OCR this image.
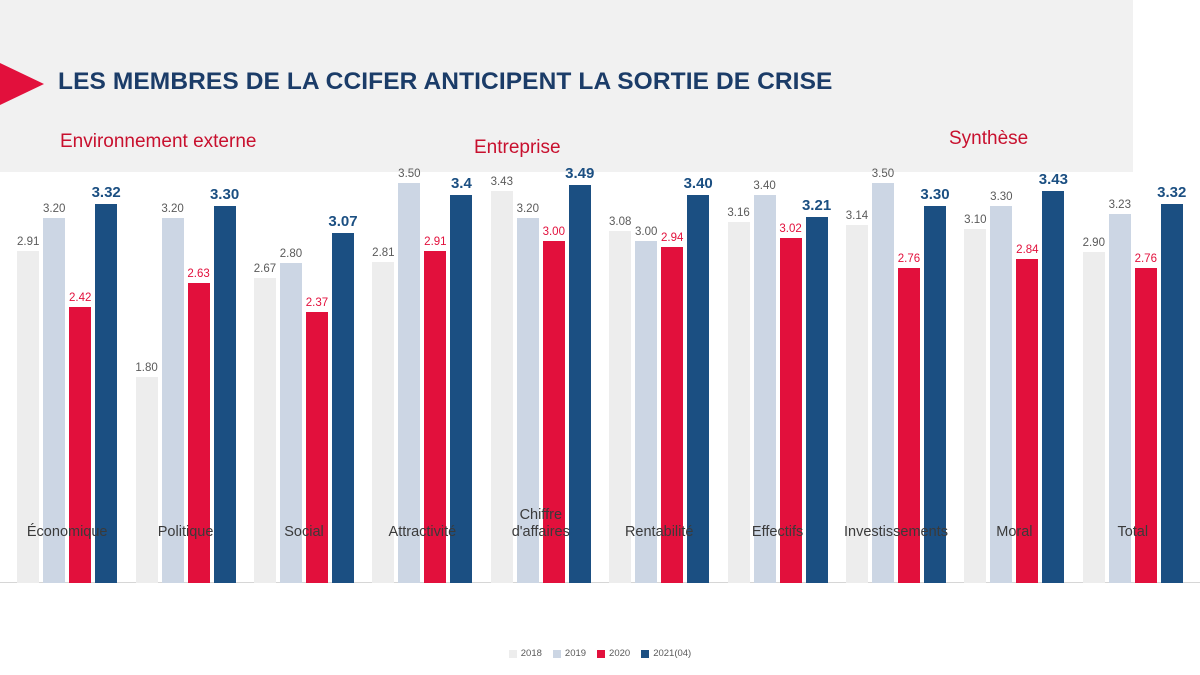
LES MEMBRES DE LA CCIFER ANTICIPENT LA SORTIE DE CRISE
Environnement externe	Entreprise	Synthèse
2.91
3.20
2.42
3.32
Économique
1.80
3.20
2.63
3.30
Politique
2.67
2.80
2.37
3.07
Social
2.81
3.50
2.91
3.4
Attractivité
3.43
3.20
3.00
3.49
Chiffre
d'affaires
3.08
3.00 2.94
3.40
Rentabilité
3.16
3.40
3.02
3.21
Effectifs
3.14
3.50
2.76
3.30
Investissements
3.10
3.30
2.84
3.43
Moral
2.90
3.23
2.76
3.32
Total
2018 2019 2020 2021(04)
